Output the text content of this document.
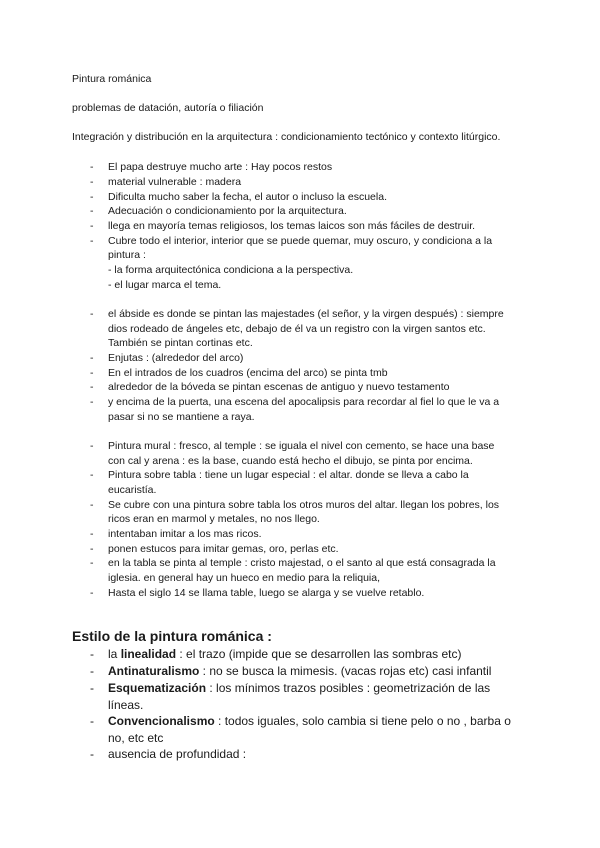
Pintura románica
problemas de datación, autoría o filiación
Integración y distribución en la arquitectura : condicionamiento tectónico y contexto litúrgico.
- El papa destruye mucho arte : Hay pocos restos
- material vulnerable : madera
- Dificulta mucho saber la fecha, el autor o incluso la escuela.
- Adecuación o condicionamiento por la arquitectura.
- llega en mayoría temas religiosos, los temas laicos son más fáciles de destruir.
- Cubre todo el interior, interior que se puede quemar, muy oscuro, y condiciona a la
pintura :
- la forma arquitectónica condiciona a la perspectiva.
- el lugar marca el tema.
- el ábside es donde se pintan las majestades (el señor, y la virgen después) : siempre
dios rodeado de ángeles etc, debajo de él va un registro con la virgen santos etc.
También se pintan cortinas etc.
- Enjutas : (alrededor del arco)
- En el intrados de los cuadros (encima del arco) se pinta tmb
- alrededor de la bóveda se pintan escenas de antiguo y nuevo testamento
- y encima de la puerta, una escena del apocalipsis para recordar al fiel lo que le va a
pasar si no se mantiene a raya.
- Pintura mural : fresco, al temple : se iguala el nivel con cemento, se hace una base
con cal y arena : es la base, cuando está hecho el dibujo, se pinta por encima.
- Pintura sobre tabla : tiene un lugar especial : el altar. donde se lleva a cabo la
eucaristía.
- Se cubre con una pintura sobre tabla los otros muros del altar. llegan los pobres, los
ricos eran en marmol y metales, no nos llego.
- intentaban imitar a los mas ricos.
- ponen estucos para imitar gemas, oro, perlas etc.
- en la tabla se pinta al temple : cristo majestad, o el santo al que está consagrada la
iglesia. en general hay un hueco en medio para la reliquia,
- Hasta el siglo 14 se llama table, luego se alarga y se vuelve retablo.
- la linealidad : el trazo (impide que se desarrollen las sombras etc)
- Antinaturalismo : no se busca la mimesis. (vacas rojas etc) casi infantil
- Esquematización : los mínimos trazos posibles : geometrización de las
líneas.
- Convencionalismo : todos iguales, solo cambia si tiene pelo o no , barba o
no, etc etc
- ausencia de profundidad :
Estilo de la pintura románica :
